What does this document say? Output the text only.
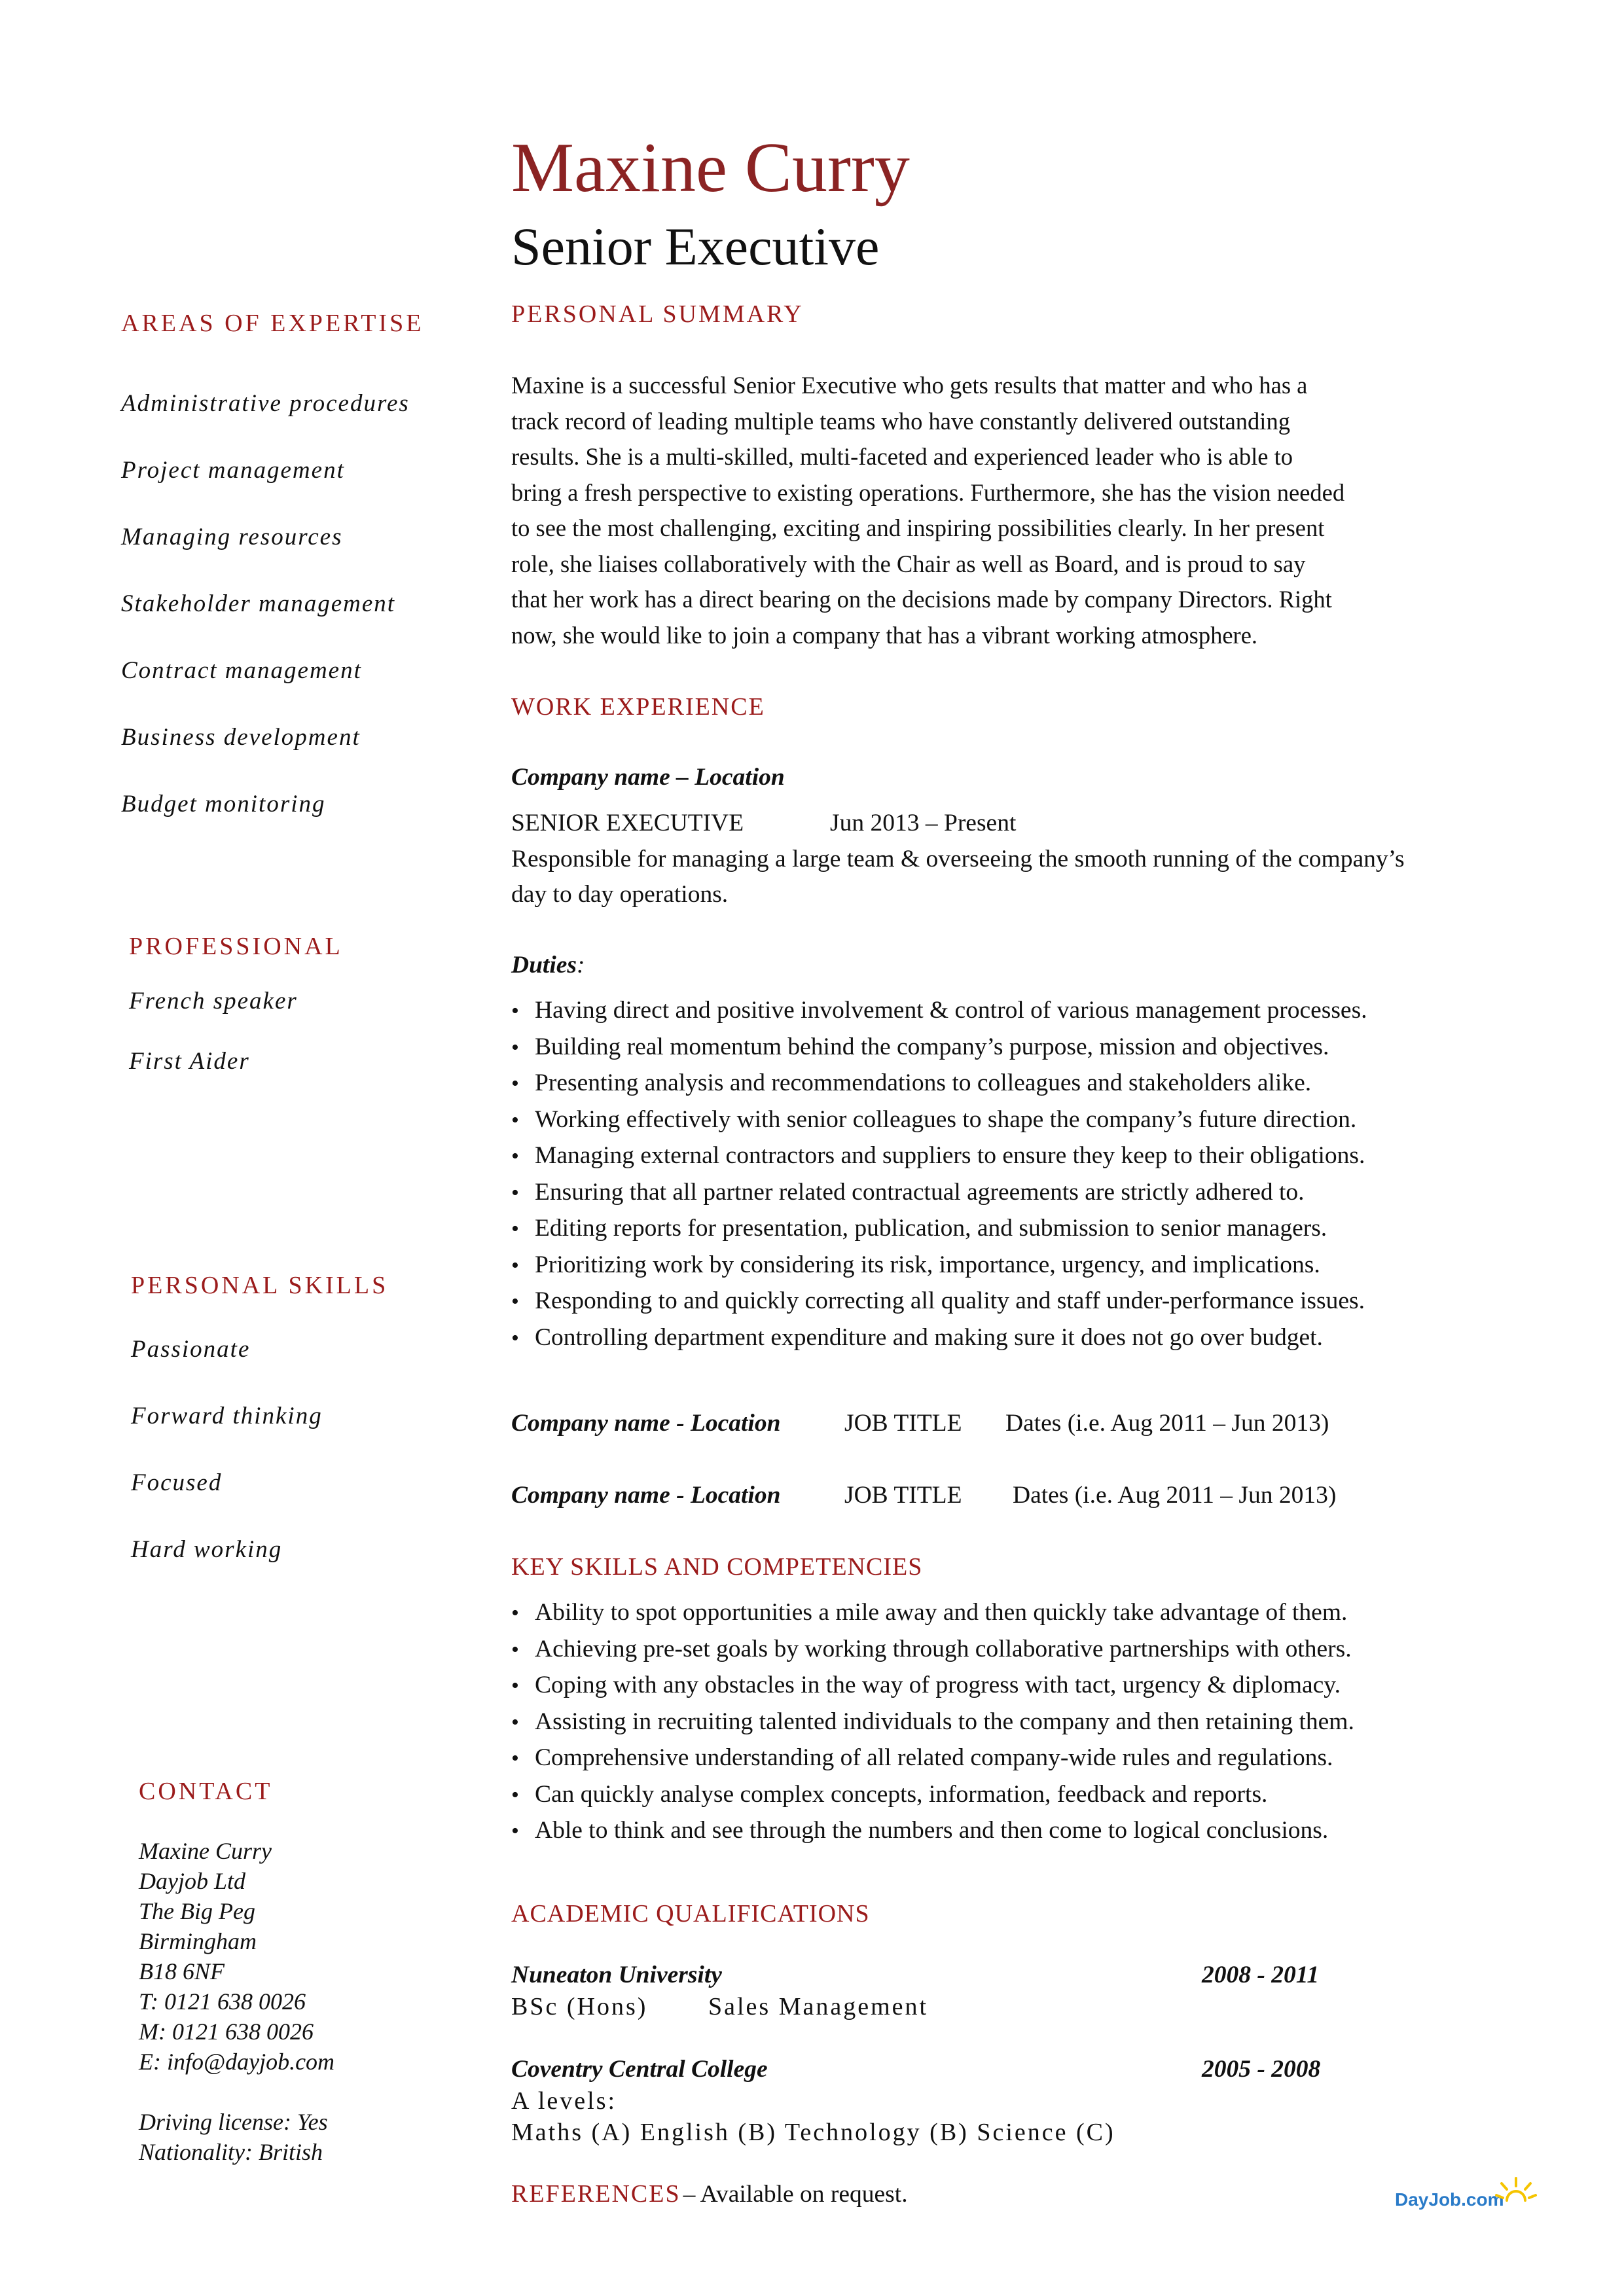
Maxine Curry
Senior Executive
AREAS OF EXPERTISE
Administrative procedures
Project management
Managing resources
Stakeholder management
Contract management
Business development
Budget monitoring
PROFESSIONAL
French speaker
First Aider
PERSONAL SKILLS
Passionate
Forward thinking
Focused
Hard working
CONTACT
Maxine Curry
Dayjob Ltd
The Big Peg
Birmingham
B18 6NF
T: 0121 638 0026
M: 0121 638 0026
E: info@dayjob.com
Driving license: Yes
Nationality: British
PERSONAL SUMMARY
Maxine is a successful Senior Executive who gets results that matter and who has a
track record of leading multiple teams who have constantly delivered outstanding
results. She is a multi-skilled, multi-faceted and experienced leader who is able to
bring a fresh perspective to existing operations. Furthermore, she has the vision needed
to see the most challenging, exciting and inspiring possibilities clearly. In her present
role, she liaises collaboratively with the Chair as well as Board, and is proud to say
that her work has a direct bearing on the decisions made by company Directors. Right
now, she would like to join a company that has a vibrant working atmosphere.
WORK EXPERIENCE
Company name – Location
SENIOR EXECUTIVE	Jun 2013 – Present
Responsible for managing a large team & overseeing the smooth running of the company’s
day to day operations.
Duties:
• Having direct and positive involvement & control of various management processes.
• Building real momentum behind the company’s purpose, mission and objectives.
• Presenting analysis and recommendations to colleagues and stakeholders alike.
• Working effectively with senior colleagues to shape the company’s future direction.
• Managing external contractors and suppliers to ensure they keep to their obligations.
• Ensuring that all partner related contractual agreements are strictly adhered to.
• Editing reports for presentation, publication, and submission to senior managers.
• Prioritizing work by considering its risk, importance, urgency, and implications.
• Responding to and quickly correcting all quality and staff under-performance issues.
• Controlling department expenditure and making sure it does not go over budget.
Company name - Location	JOB TITLE Dates (i.e. Aug 2011 – Jun 2013)
Company name - Location	JOB TITLE Dates (i.e. Aug 2011 – Jun 2013)
KEY SKILLS AND COMPETENCIES
• Ability to spot opportunities a mile away and then quickly take advantage of them.
• Achieving pre-set goals by working through collaborative partnerships with others.
• Coping with any obstacles in the way of progress with tact, urgency & diplomacy.
• Assisting in recruiting talented individuals to the company and then retaining them.
• Comprehensive understanding of all related company-wide rules and regulations.
• Can quickly analyse complex concepts, information, feedback and reports.
• Able to think and see through the numbers and then come to logical conclusions.
ACADEMIC QUALIFICATIONS
Nuneaton University	2008 - 2011
BSc (Hons) Sales Management
Coventry Central College	2005 - 2008
A levels:
Maths (A) English (B) Technology (B) Science (C)
REFERENCES – Available on request.	DayJob.com
